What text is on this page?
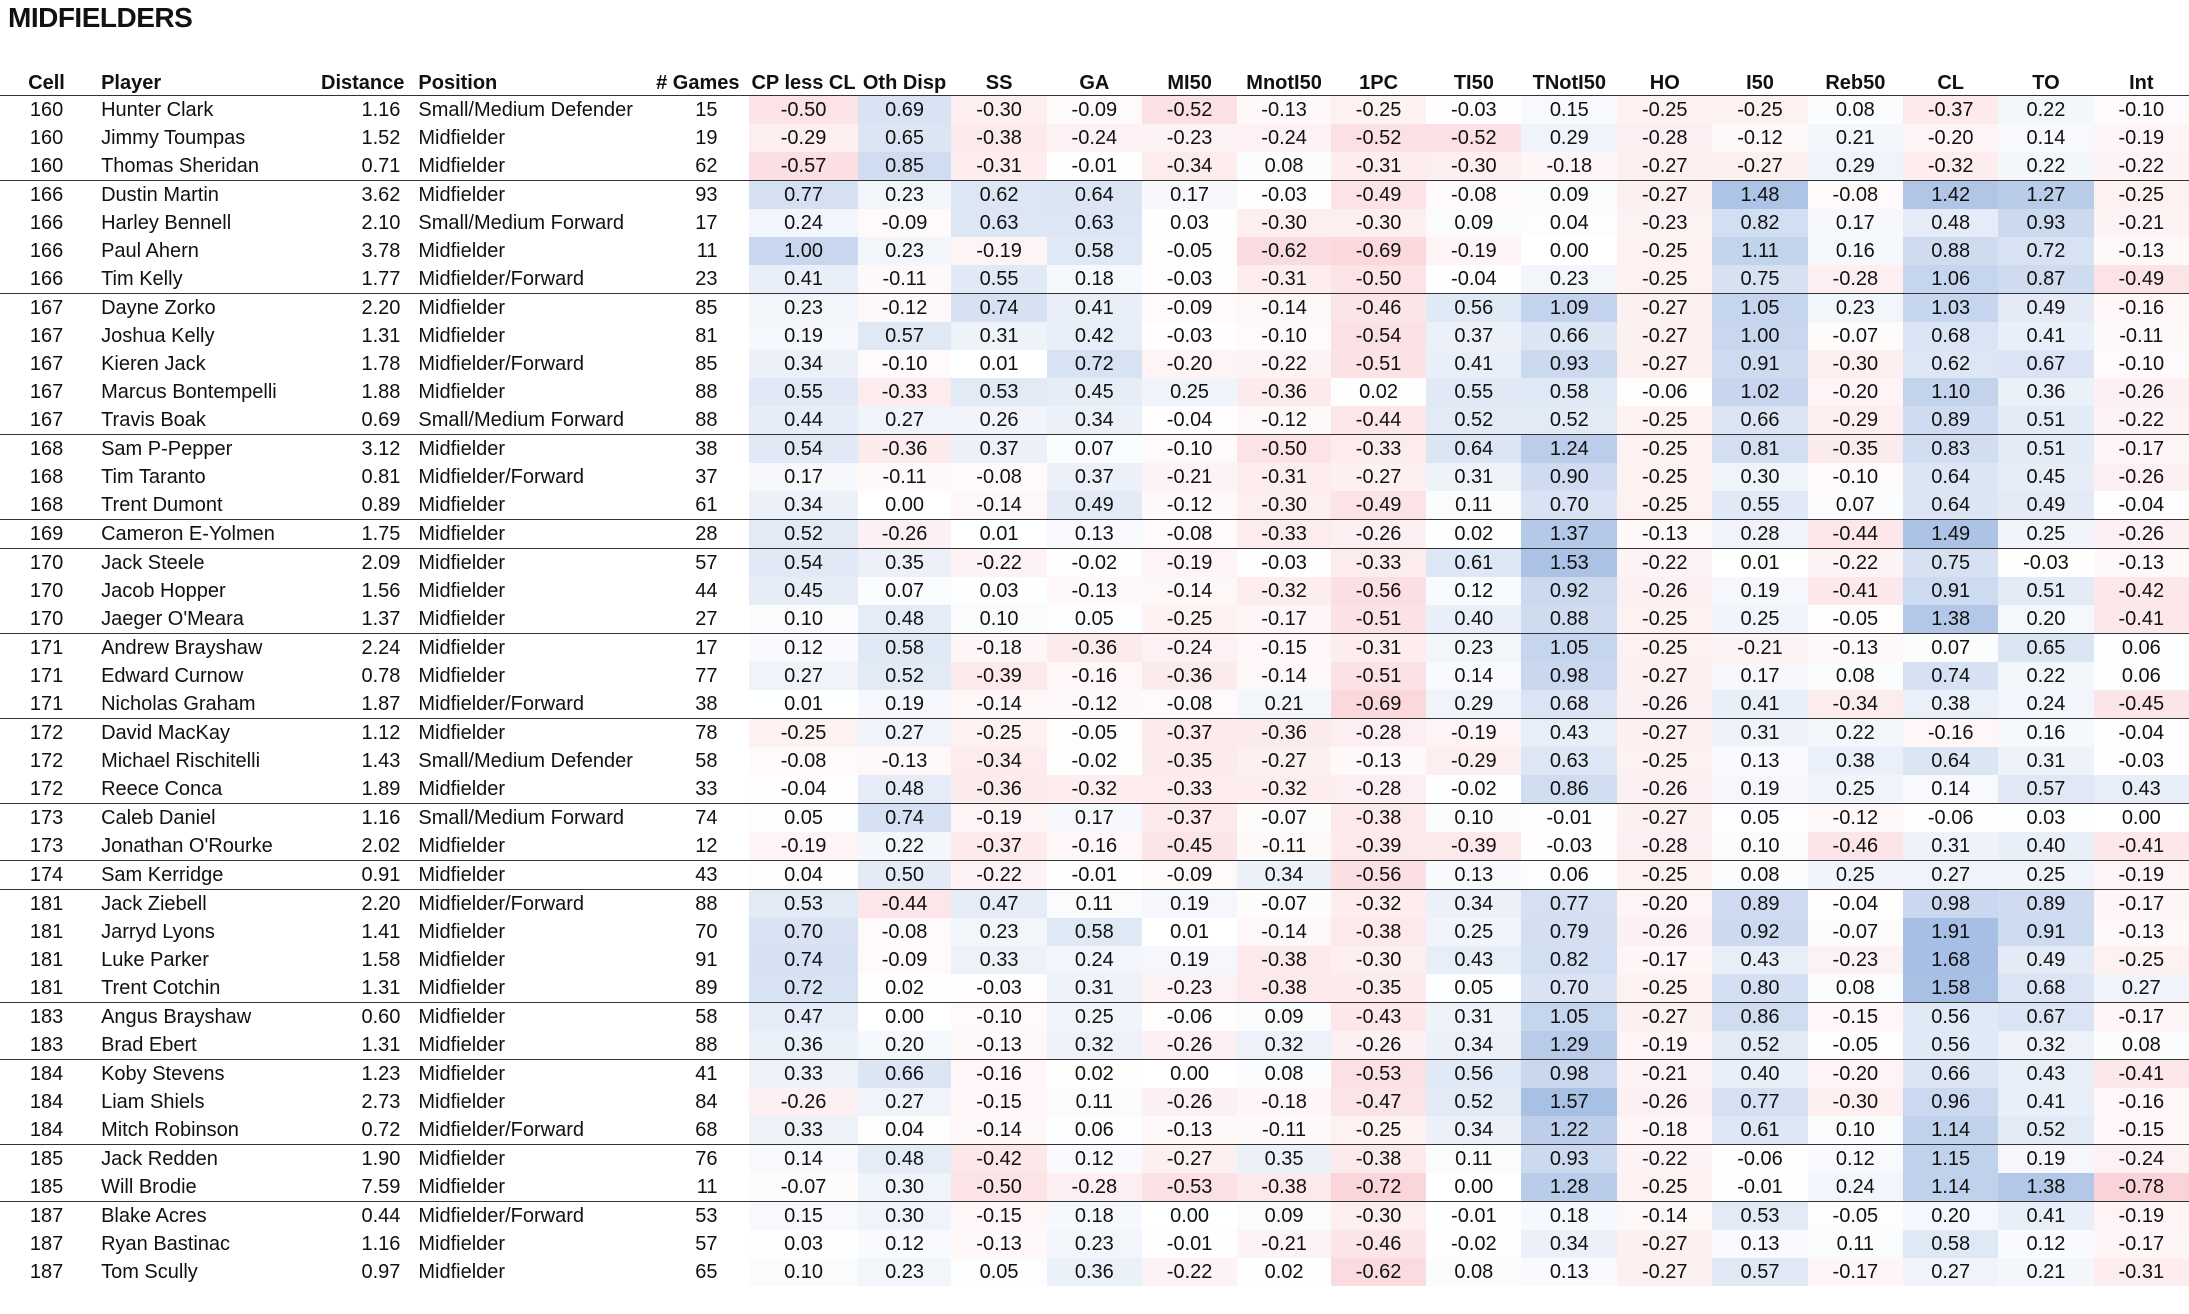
MIDFIELDERS
Cell	Player	Distance	Position	# Games	CP less CL	Oth Disp	SS	GA	MI50	MnotI50	1PC	TI50	TNotI50	HO	I50	Reb50	CL	TO	Int
160	Hunter Clark	1.16	Small/Medium Defender	15	-0.50	0.69	-0.30	-0.09	-0.52	-0.13	-0.25	-0.03	0.15	-0.25	-0.25	0.08	-0.37	0.22	-0.10
160	Jimmy Toumpas	1.52	Midfielder	19	-0.29	0.65	-0.38	-0.24	-0.23	-0.24	-0.52	-0.52	0.29	-0.28	-0.12	0.21	-0.20	0.14	-0.19
160	Thomas Sheridan	0.71	Midfielder	62	-0.57	0.85	-0.31	-0.01	-0.34	0.08	-0.31	-0.30	-0.18	-0.27	-0.27	0.29	-0.32	0.22	-0.22
166	Dustin Martin	3.62	Midfielder	93	0.77	0.23	0.62	0.64	0.17	-0.03	-0.49	-0.08	0.09	-0.27	1.48	-0.08	1.42	1.27	-0.25
166	Harley Bennell	2.10	Small/Medium Forward	17	0.24	-0.09	0.63	0.63	0.03	-0.30	-0.30	0.09	0.04	-0.23	0.82	0.17	0.48	0.93	-0.21
166	Paul Ahern	3.78	Midfielder	11	1.00	0.23	-0.19	0.58	-0.05	-0.62	-0.69	-0.19	0.00	-0.25	1.11	0.16	0.88	0.72	-0.13
166	Tim Kelly	1.77	Midfielder/Forward	23	0.41	-0.11	0.55	0.18	-0.03	-0.31	-0.50	-0.04	0.23	-0.25	0.75	-0.28	1.06	0.87	-0.49
167	Dayne Zorko	2.20	Midfielder	85	0.23	-0.12	0.74	0.41	-0.09	-0.14	-0.46	0.56	1.09	-0.27	1.05	0.23	1.03	0.49	-0.16
167	Joshua Kelly	1.31	Midfielder	81	0.19	0.57	0.31	0.42	-0.03	-0.10	-0.54	0.37	0.66	-0.27	1.00	-0.07	0.68	0.41	-0.11
167	Kieren Jack	1.78	Midfielder/Forward	85	0.34	-0.10	0.01	0.72	-0.20	-0.22	-0.51	0.41	0.93	-0.27	0.91	-0.30	0.62	0.67	-0.10
167	Marcus Bontempelli	1.88	Midfielder	88	0.55	-0.33	0.53	0.45	0.25	-0.36	0.02	0.55	0.58	-0.06	1.02	-0.20	1.10	0.36	-0.26
167	Travis Boak	0.69	Small/Medium Forward	88	0.44	0.27	0.26	0.34	-0.04	-0.12	-0.44	0.52	0.52	-0.25	0.66	-0.29	0.89	0.51	-0.22
168	Sam P-Pepper	3.12	Midfielder	38	0.54	-0.36	0.37	0.07	-0.10	-0.50	-0.33	0.64	1.24	-0.25	0.81	-0.35	0.83	0.51	-0.17
168	Tim Taranto	0.81	Midfielder/Forward	37	0.17	-0.11	-0.08	0.37	-0.21	-0.31	-0.27	0.31	0.90	-0.25	0.30	-0.10	0.64	0.45	-0.26
168	Trent Dumont	0.89	Midfielder	61	0.34	0.00	-0.14	0.49	-0.12	-0.30	-0.49	0.11	0.70	-0.25	0.55	0.07	0.64	0.49	-0.04
169	Cameron E-Yolmen	1.75	Midfielder	28	0.52	-0.26	0.01	0.13	-0.08	-0.33	-0.26	0.02	1.37	-0.13	0.28	-0.44	1.49	0.25	-0.26
170	Jack Steele	2.09	Midfielder	57	0.54	0.35	-0.22	-0.02	-0.19	-0.03	-0.33	0.61	1.53	-0.22	0.01	-0.22	0.75	-0.03	-0.13
170	Jacob Hopper	1.56	Midfielder	44	0.45	0.07	0.03	-0.13	-0.14	-0.32	-0.56	0.12	0.92	-0.26	0.19	-0.41	0.91	0.51	-0.42
170	Jaeger O'Meara	1.37	Midfielder	27	0.10	0.48	0.10	0.05	-0.25	-0.17	-0.51	0.40	0.88	-0.25	0.25	-0.05	1.38	0.20	-0.41
171	Andrew Brayshaw	2.24	Midfielder	17	0.12	0.58	-0.18	-0.36	-0.24	-0.15	-0.31	0.23	1.05	-0.25	-0.21	-0.13	0.07	0.65	0.06
171	Edward Curnow	0.78	Midfielder	77	0.27	0.52	-0.39	-0.16	-0.36	-0.14	-0.51	0.14	0.98	-0.27	0.17	0.08	0.74	0.22	0.06
171	Nicholas Graham	1.87	Midfielder/Forward	38	0.01	0.19	-0.14	-0.12	-0.08	0.21	-0.69	0.29	0.68	-0.26	0.41	-0.34	0.38	0.24	-0.45
172	David MacKay	1.12	Midfielder	78	-0.25	0.27	-0.25	-0.05	-0.37	-0.36	-0.28	-0.19	0.43	-0.27	0.31	0.22	-0.16	0.16	-0.04
172	Michael Rischitelli	1.43	Small/Medium Defender	58	-0.08	-0.13	-0.34	-0.02	-0.35	-0.27	-0.13	-0.29	0.63	-0.25	0.13	0.38	0.64	0.31	-0.03
172	Reece Conca	1.89	Midfielder	33	-0.04	0.48	-0.36	-0.32	-0.33	-0.32	-0.28	-0.02	0.86	-0.26	0.19	0.25	0.14	0.57	0.43
173	Caleb Daniel	1.16	Small/Medium Forward	74	0.05	0.74	-0.19	0.17	-0.37	-0.07	-0.38	0.10	-0.01	-0.27	0.05	-0.12	-0.06	0.03	0.00
173	Jonathan O'Rourke	2.02	Midfielder	12	-0.19	0.22	-0.37	-0.16	-0.45	-0.11	-0.39	-0.39	-0.03	-0.28	0.10	-0.46	0.31	0.40	-0.41
174	Sam Kerridge	0.91	Midfielder	43	0.04	0.50	-0.22	-0.01	-0.09	0.34	-0.56	0.13	0.06	-0.25	0.08	0.25	0.27	0.25	-0.19
181	Jack Ziebell	2.20	Midfielder/Forward	88	0.53	-0.44	0.47	0.11	0.19	-0.07	-0.32	0.34	0.77	-0.20	0.89	-0.04	0.98	0.89	-0.17
181	Jarryd Lyons	1.41	Midfielder	70	0.70	-0.08	0.23	0.58	0.01	-0.14	-0.38	0.25	0.79	-0.26	0.92	-0.07	1.91	0.91	-0.13
181	Luke Parker	1.58	Midfielder	91	0.74	-0.09	0.33	0.24	0.19	-0.38	-0.30	0.43	0.82	-0.17	0.43	-0.23	1.68	0.49	-0.25
181	Trent Cotchin	1.31	Midfielder	89	0.72	0.02	-0.03	0.31	-0.23	-0.38	-0.35	0.05	0.70	-0.25	0.80	0.08	1.58	0.68	0.27
183	Angus Brayshaw	0.60	Midfielder	58	0.47	0.00	-0.10	0.25	-0.06	0.09	-0.43	0.31	1.05	-0.27	0.86	-0.15	0.56	0.67	-0.17
183	Brad Ebert	1.31	Midfielder	88	0.36	0.20	-0.13	0.32	-0.26	0.32	-0.26	0.34	1.29	-0.19	0.52	-0.05	0.56	0.32	0.08
184	Koby Stevens	1.23	Midfielder	41	0.33	0.66	-0.16	0.02	0.00	0.08	-0.53	0.56	0.98	-0.21	0.40	-0.20	0.66	0.43	-0.41
184	Liam Shiels	2.73	Midfielder	84	-0.26	0.27	-0.15	0.11	-0.26	-0.18	-0.47	0.52	1.57	-0.26	0.77	-0.30	0.96	0.41	-0.16
184	Mitch Robinson	0.72	Midfielder/Forward	68	0.33	0.04	-0.14	0.06	-0.13	-0.11	-0.25	0.34	1.22	-0.18	0.61	0.10	1.14	0.52	-0.15
185	Jack Redden	1.90	Midfielder	76	0.14	0.48	-0.42	0.12	-0.27	0.35	-0.38	0.11	0.93	-0.22	-0.06	0.12	1.15	0.19	-0.24
185	Will Brodie	7.59	Midfielder	11	-0.07	0.30	-0.50	-0.28	-0.53	-0.38	-0.72	0.00	1.28	-0.25	-0.01	0.24	1.14	1.38	-0.78
187	Blake Acres	0.44	Midfielder/Forward	53	0.15	0.30	-0.15	0.18	0.00	0.09	-0.30	-0.01	0.18	-0.14	0.53	-0.05	0.20	0.41	-0.19
187	Ryan Bastinac	1.16	Midfielder	57	0.03	0.12	-0.13	0.23	-0.01	-0.21	-0.46	-0.02	0.34	-0.27	0.13	0.11	0.58	0.12	-0.17
187	Tom Scully	0.97	Midfielder	65	0.10	0.23	0.05	0.36	-0.22	0.02	-0.62	0.08	0.13	-0.27	0.57	-0.17	0.27	0.21	-0.31
